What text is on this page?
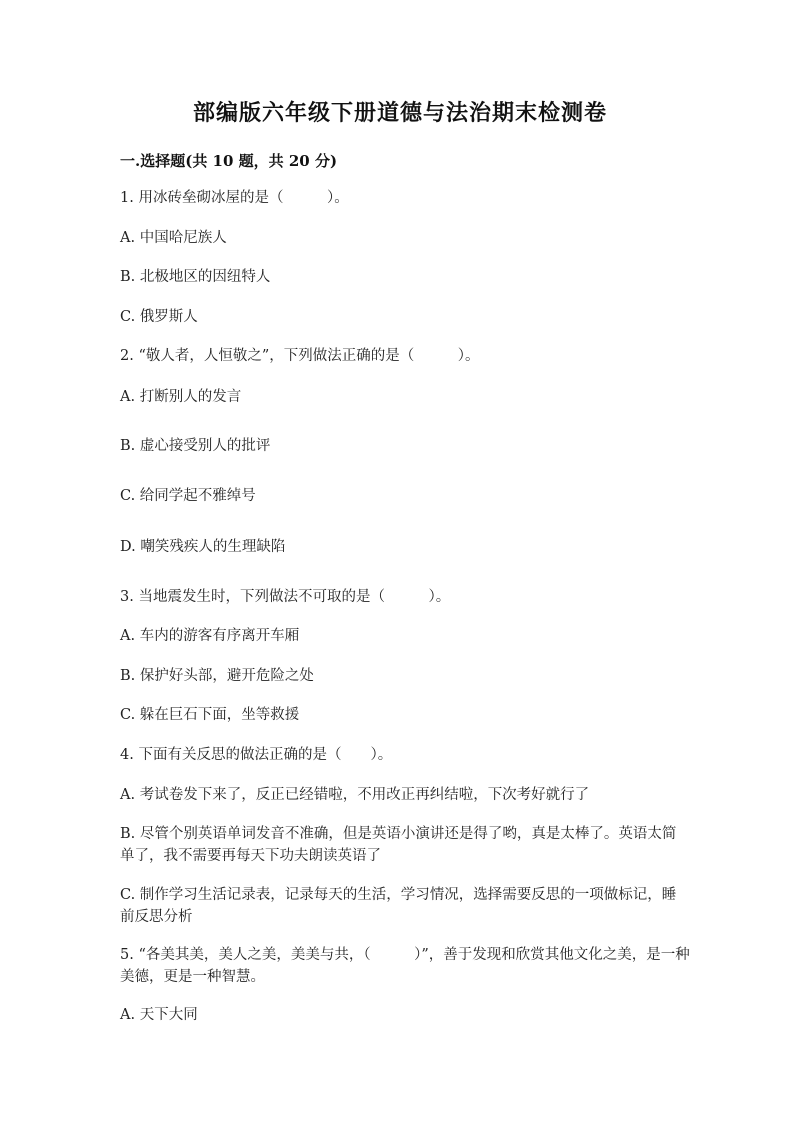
部编版六年级下册道德与法治期末检测卷
一.选择题(共 10 题，共 20 分)
1. 用冰砖垒砌冰屋的是（　　　）。
A. 中国哈尼族人
B. 北极地区的因纽特人
C. 俄罗斯人
2. “敬人者，人恒敬之”，下列做法正确的是（　　　）。
A. 打断别人的发言
B. 虚心接受别人的批评
C. 给同学起不雅绰号
D. 嘲笑残疾人的生理缺陷
3. 当地震发生时，下列做法不可取的是（　　　）。
A. 车内的游客有序离开车厢
B. 保护好头部，避开危险之处
C. 躲在巨石下面，坐等救援
4. 下面有关反思的做法正确的是（　　）。
A. 考试卷发下来了，反正已经错啦，不用改正再纠结啦，下次考好就行了
B. 尽管个别英语单词发音不准确，但是英语小演讲还是得了哟，真是太棒了。英语太简单了，我不需要再每天下功夫朗读英语了
C. 制作学习生活记录表，记录每天的生活，学习情况，选择需要反思的一项做标记，睡前反思分析
5. “各美其美，美人之美，美美与共，（　　　）”，善于发现和欣赏其他文化之美，是一种美德，更是一种智慧。
A. 天下大同
